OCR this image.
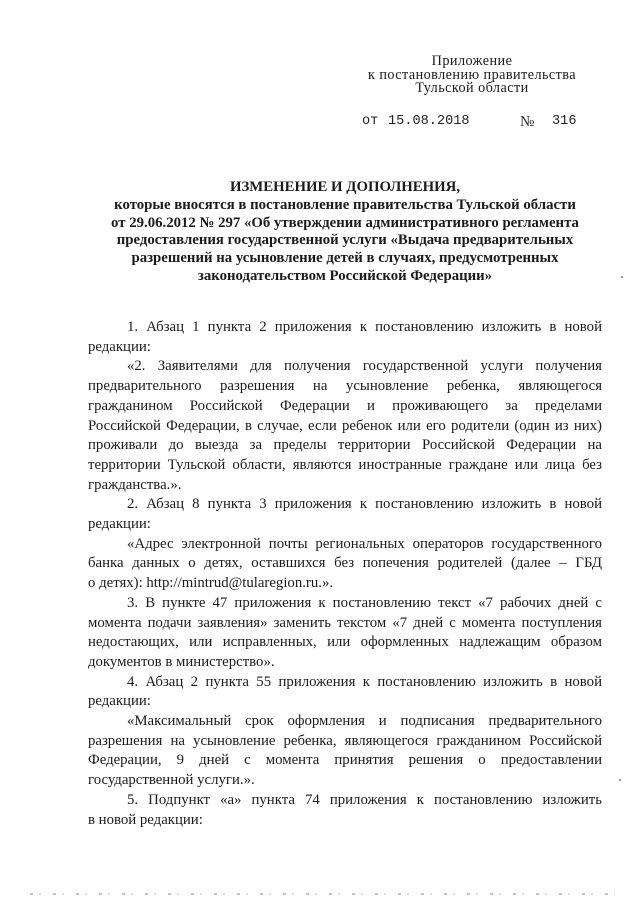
Приложение
к постановлению правительства
Тульской области
от 15.08.2018	№ 316
ИЗМЕНЕНИЕ И ДОПОЛНЕНИЯ,
которые вносятся в постановление правительства Тульской области
от 29.06.2012 № 297 «Об утверждении административного регламента
предоставления государственной услуги «Выдача предварительных
разрешений на усыновление детей в случаях, предусмотренных
законодательством Российской Федерации»
1. Абзац 1 пункта 2 приложения к постановлению изложить в новой
редакции:
«2. Заявителями для получения государственной услуги получения
предварительного разрешения на усыновление ребенка, являющегося
гражданином Российской Федерации и проживающего за пределами
Российской Федерации, в случае, если ребенок или его родители (один из них)
проживали до выезда за пределы территории Российской Федерации на
территории Тульской области, являются иностранные граждане или лица без
гражданства.».
2. Абзац 8 пункта 3 приложения к постановлению изложить в новой
редакции:
«Адрес электронной почты региональных операторов государственного
банка данных о детях, оставшихся без попечения родителей (далее – ГБД
о детях): http://mintrud@tularegion.ru.».
3. В пункте 47 приложения к постановлению текст «7 рабочих дней с
момента подачи заявления» заменить текстом «7 дней с момента поступления
недостающих, или исправленных, или оформленных надлежащим образом
документов в министерство».
4. Абзац 2 пункта 55 приложения к постановлению изложить в новой
редакции:
«Максимальный срок оформления и подписания предварительного
разрешения на усыновление ребенка, являющегося гражданином Российской
Федерации, 9 дней с момента принятия решения о предоставлении
государственной услуги.».
5. Подпункт «а» пункта 74 приложения к постановлению изложить
в новой редакции:
